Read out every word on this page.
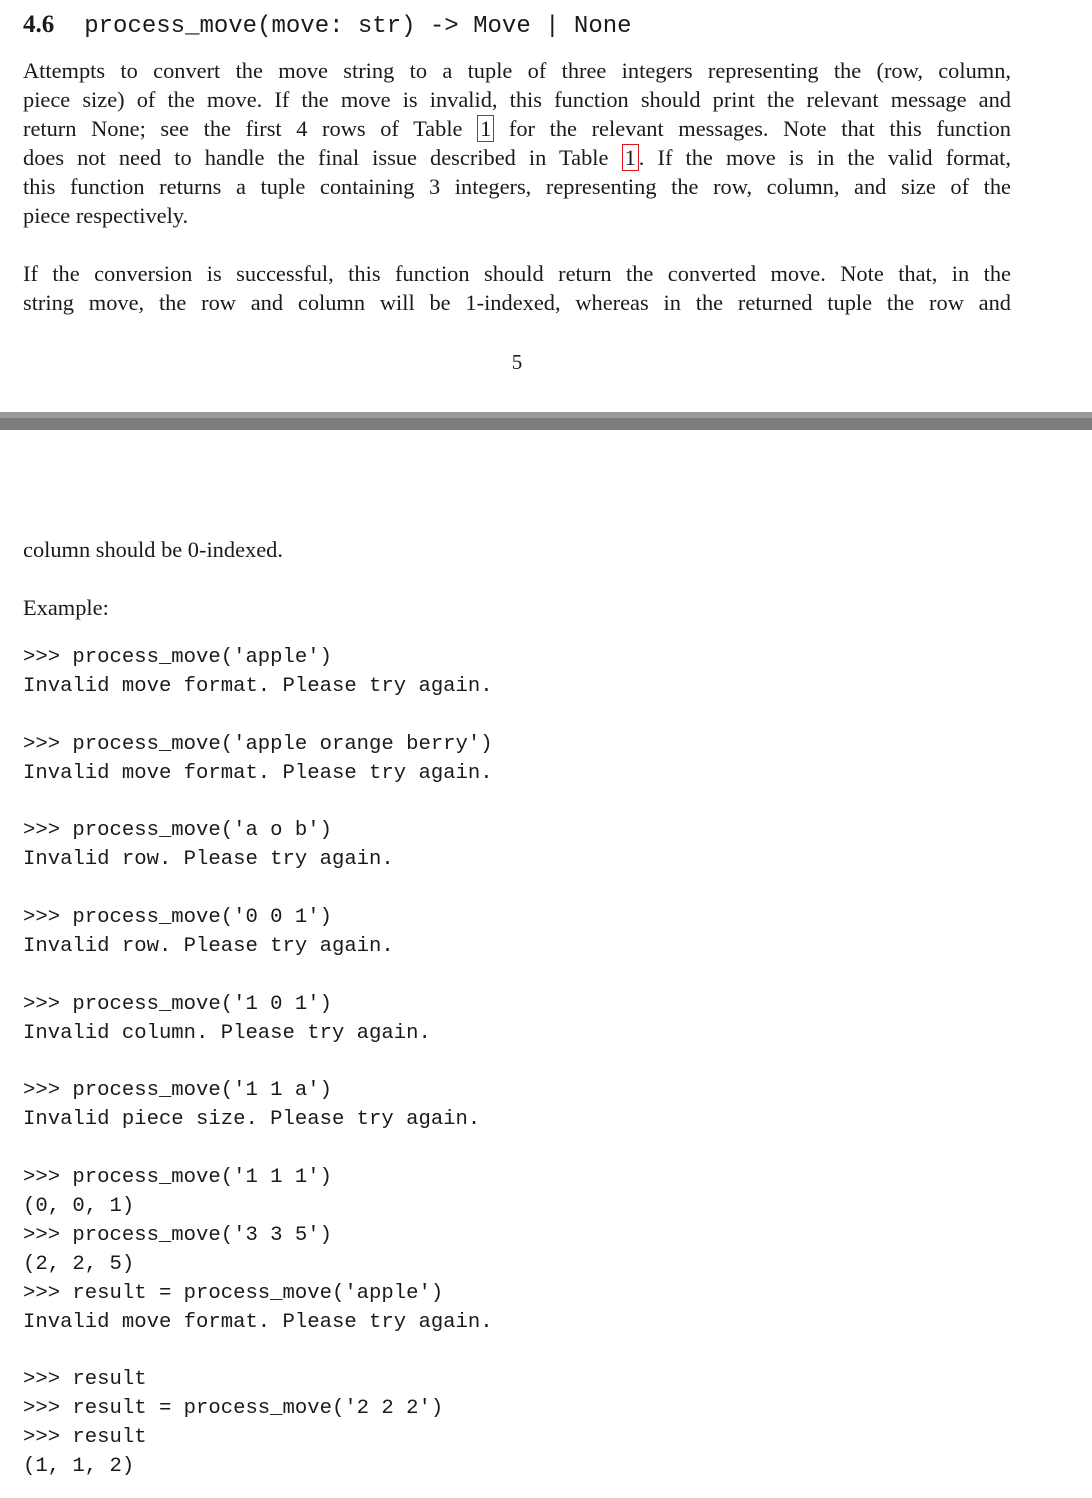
4.6 process_move(move: str) -> Move | None
Attempts to convert the move string to a tuple of three integers representing the (row, column,
piece size) of the move. If the move is invalid, this function should print the relevant message and
return None; see the first 4 rows of Table 1 for the relevant messages. Note that this function
does not need to handle the final issue described in Table 1 . If the move is in the valid format,
this function returns a tuple containing 3 integers, representing the row, column, and size of the
piece respectively.
If the conversion is successful, this function should return the converted move. Note that, in the
string move, the row and column will be 1-indexed, whereas in the returned tuple the row and
5
column should be 0-indexed.
Example:
>>> process_move('apple')
Invalid move format. Please try again.
>>> process_move('apple orange berry')
Invalid move format. Please try again.
>>> process_move('a o b')
Invalid row. Please try again.
>>> process_move('0 0 1')
Invalid row. Please try again.
>>> process_move('1 0 1')
Invalid column. Please try again.
>>> process_move('1 1 a')
Invalid piece size. Please try again.
>>> process_move('1 1 1')
(0, 0, 1)
>>> process_move('3 3 5')
(2, 2, 5)
>>> result = process_move('apple')
Invalid move format. Please try again.
>>> result
>>> result = process_move('2 2 2')
>>> result
(1, 1, 2)
